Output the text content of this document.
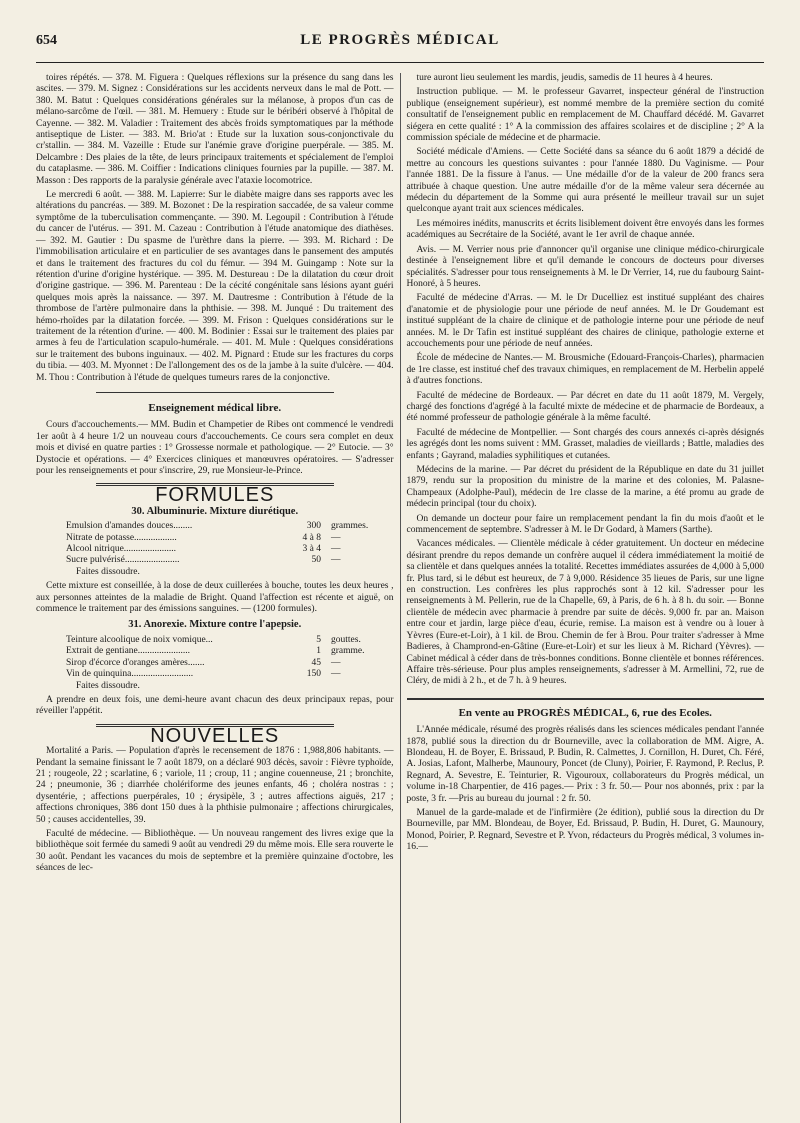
654	LE PROGRÈS MÉDICAL

toires répétés. — 378. M. Figuera : Quelques réflexions sur la présence du sang dans les ascites. — 379. M. Signez : Considérations sur les accidents nerveux dans le mal de Pott. — 380. M. Batut : Quelques considérations générales sur la mélanose, à propos d'un cas de mélano-sarcôme de l'œil. — 381. M. Hemuery : Etude sur le béribéri observé à l'hôpital de Cayenne. — 382. M. Valadier : Traitement des abcès froids symptomatiques par la méthode antiseptique de Lister. — 383. M. Brio'at : Etude sur la luxation sous-conjonctivale du cr'stallin. — 384. M. Vazeille : Etude sur l'anémie grave d'origine puerpérale. — 385. M. Delcambre : Des plaies de la tête, de leurs principaux traitements et spécialement de l'emploi du cataplasme. — 386. M. Coiffier : Indications cliniques fournies par la pupille. — 387. M. Masson : Des rapports de la paralysie générale avec l'ataxie locomotrice.

Le mercredi 6 août. — 388. M. Lapierre: Sur le diabète maigre dans ses rapports avec les altérations du pancréas. — 389. M. Bozonet : De la respiration saccadée, de sa valeur comme symptôme de la tuberculisation commençante. — 390. M. Legoupil : Contribution à l'étude du cancer de l'utérus. — 391. M. Cazeau : Contribution à l'étude anatomique des diathèses. — 392. M. Gautier : Du spasme de l'urèthre dans la pierre. — 393. M. Richard : De l'immobilisation articulaire et en particulier de ses avantages dans le pansement des amputés et dans le traitement des fractures du col du fémur. — 394 M. Guingamp : Note sur la rétention d'urine d'origine hystérique. — 395. M. Destureau : De la dilatation du cœur droit d'origine gastrique. — 396. M. Parenteau : De la cécité congénitale sans lésions ayant guéri quelques mois après la naissance. — 397. M. Dautresme : Contribution à l'étude de la thrombose de l'artère pulmonaire dans la phthisie. — 398. M. Junqué : Du traitement des hémo-rhoïdes par la dilatation forcée. — 399. M. Frison : Quelques considérations sur le traitement de la rétention d'urine. — 400. M. Bodinier : Essai sur le traitement des plaies par armes à feu de l'articulation scapulo-humérale. — 401. M. Mule : Quelques considérations sur le traitement des bubons inguinaux. — 402. M. Pignard : Etude sur les fractures du corps du tibia. — 403. M. Myonnet : De l'allongement des os de la jambe à la suite d'ulcère. — 404. M. Thou : Contribution à l'étude de quelques tumeurs rares de la conjonctive.

Enseignement médical libre.

Cours d'accouchements.— MM. Budin et Champetier de Ribes ont commencé le vendredi 1er août à 4 heure 1/2 un nouveau cours d'accouchements. Ce cours sera complet en deux mois et divisé en quatre parties : 1° Grossesse normale et pathologique. — 2° Eutocie. — 3° Dystocie et opérations. — 4° Exercices cliniques et manœuvres opératoires. — S'adresser pour les renseignements et pour s'inscrire, 29, rue Monsieur-le-Prince.

FORMULES
30. Albuminurie. Mixture diurétique.
Emulsion d'amandes douces........	300 grammes.
Nitrate de potasse..................	4 à 8 —
Alcool nitrique......................	3 à 4 —
Sucre pulvérisé.......................	50 —
Faites dissoudre.

Cette mixture est conseillée, à la dose de deux cuillerées à bouche, toutes les deux heures , aux personnes atteintes de la maladie de Bright. Quand l'affection est récente et aiguë, on commence le traitement par des émissions sanguines. — (1200 formules).

31. Anorexie. Mixture contre l'apepsie.
Teinture alcoolique de noix vomique...	5 gouttes.
Extrait de gentiane......................	1 gramme.
Sirop d'écorce d'oranges amères.......	45 —
Vin de quinquina..........................	150 —
Faites dissoudre.

A prendre en deux fois, une demi-heure avant chacun des deux principaux repas, pour réveiller l'appétit.

NOUVELLES

Mortalité a Paris. — Population d'après le recensement de 1876 : 1,988,806 habitants. — Pendant la semaine finissant le 7 août 1879, on a déclaré 903 décès, savoir : Fièvre typhoïde, 21 ; rougeole, 22 ; scarlatine, 6 ; variole, 11 ; croup, 11 ; angine couenneuse, 21 ; bronchite, 24 ; pneumonie, 36 ; diarrhée cholériforme des jeunes enfants, 46 ; choléra nostras : ; dysentérie, ; affections puerpérales, 10 ; érysipèle, 3 ; autres affections aiguës, 217 ; affections chroniques, 386 dont 150 dues à la phthisie pulmonaire ; affections chirurgicales, 50 ; causes accidentelles, 39.

Faculté de médecine. — Bibliothèque. — Un nouveau rangement des livres exige que la bibliothèque soit fermée du samedi 9 août au vendredi 29 du même mois. Elle sera rouverte le 30 août. Pendant les vacances du mois de septembre et la première quinzaine d'octobre, les séances de lec-

ture auront lieu seulement les mardis, jeudis, samedis de 11 heures à 4 heures.

Instruction publique. — M. le professeur Gavarret, inspecteur général de l'instruction publique (enseignement supérieur), est nommé membre de la première section du comité consultatif de l'enseignement public en remplacement de M. Chauffard décédé. M. Gavarret siégera en cette qualité : 1° A la commission des affaires scolaires et de discipline ; 2° A la commission spéciale de médecine et de pharmacie.

Société médicale d'Amiens. — Cette Société dans sa séance du 6 août 1879 a décidé de mettre au concours les questions suivantes : pour l'année 1880. Du Vaginisme. — Pour l'année 1881. De la fissure à l'anus. — Une médaille d'or de la valeur de 200 francs sera attribuée à chaque question. Une autre médaille d'or de la même valeur sera décernée au médecin du département de la Somme qui aura présenté le meilleur travail sur un sujet quelconque ayant trait aux sciences médicales.

Les mémoires inédits, manuscrits et écrits lisiblement doivent être envoyés dans les formes académiques au Secrétaire de la Société, avant le 1er avril de chaque année.

Avis. — M. Verrier nous prie d'annoncer qu'il organise une clinique médico-chirurgicale destinée à l'enseignement libre et qu'il demande le concours de docteurs pour diverses spécialités. S'adresser pour tous renseignements à M. le Dr Verrier, 14, rue du faubourg Saint-Honoré, à 5 heures.

Faculté de médecine d'Arras. — M. le Dr Ducelliez est institué suppléant des chaires d'anatomie et de physiologie pour une période de neuf années. M. le Dr Goudemant est institué suppléant de la chaire de clinique et de pathologie interne pour une période de neuf années. M. le Dr Tafin est institué suppléant des chaires de clinique, pathologie externe et accouchements pour une période de neuf années.

École de médecine de Nantes.— M. Brousmiche (Edouard-François-Charles), pharmacien de 1re classe, est institué chef des travaux chimiques, en remplacement de M. Herbelin appelé à d'autres fonctions.

Faculté de médecine de Bordeaux. — Par décret en date du 11 août 1879, M. Vergely, chargé des fonctions d'agrégé à la faculté mixte de médecine et de pharmacie de Bordeaux, a été nommé professeur de pathologie générale à la même faculté.

Faculté de médecine de Montpellier. — Sont chargés des cours annexés ci-après désignés les agrégés dont les noms suivent : MM. Grasset, maladies de vieillards ; Battle, maladies des enfants ; Gayrand, maladies syphilitiques et cutanées.

Médecins de la marine. — Par décret du président de la République en date du 31 juillet 1879, rendu sur la proposition du ministre de la marine et des colonies, M. Palasne-Champeaux (Adolphe-Paul), médecin de 1re classe de la marine, a été promu au grade de médecin principal (tour du choix).

On demande un docteur pour faire un remplacement pendant la fin du mois d'août et le commencement de septembre. S'adresser à M. le Dr Godard, à Mamers (Sarthe).

Vacances médicales. — Clientèle médicale à céder gratuitement. Un docteur en médecine désirant prendre du repos demande un confrère auquel il cédera immédiatement la moitié de sa clientèle et dans quelques années la totalité. Recettes immédiates assurées de 4,000 à 5,000 fr. Plus tard, si le début est heureux, de 7 à 9,000. Résidence 35 lieues de Paris, sur une ligne en construction. Les confrères les plus rapprochés sont à 12 kil. S'adresser pour les renseignements à M. Pellerin, rue de la Chapelle, 69, à Paris, de 6 h. à 8 h. du soir. — Bonne clientèle de médecin avec pharmacie à prendre par suite de décès. 9,000 fr. par an. Maison entre cour et jardin, large pièce d'eau, écurie, remise. La maison est à vendre ou à louer à Yèvres (Eure-et-Loir), à 1 kil. de Brou. Chemin de fer à Brou. Pour traiter s'adresser à Mme Badieres, à Champrond-en-Gâtine (Eure-et-Loir) et sur les lieux à M. Richard (Yèvres). — Cabinet médical à céder dans de très-bonnes conditions. Bonne clientèle et bonnes références. Affaire très-sérieuse. Pour plus amples renseignements, s'adresser à M. Armellini, 72, rue de Cléry, de midi à 2 h., et de 7 h. à 9 heures.

En vente au PROGRÈS MÉDICAL, 6, rue des Ecoles.

L'Année médicale, résumé des progrès réalisés dans les sciences médicales pendant l'année 1878, publié sous la direction du dr Bourneville, avec la collaboration de MM. Aigre, A. Blondeau, H. de Boyer, E. Brissaud, P. Budin, R. Calmettes, J. Cornillon, H. Duret, Ch. Féré, A. Josias, Lafont, Malherbe, Maunoury, Poncet (de Cluny), Poirier, F. Raymond, P. Reclus, P. Regnard, A. Sevestre, E. Teinturier, R. Vigouroux, collaborateurs du Progrès médical, un volume in-18 Charpentier, de 416 pages.— Prix : 3 fr. 50.— Pour nos abonnés, prix : par la poste, 3 fr. —Pris au bureau du journal : 2 fr. 50.

Manuel de la garde-malade et de l'infirmière (2e édition), publié sous la direction du Dr Bourneville, par MM. Blondeau, de Boyer, Ed. Brissaud, P. Budin, H. Duret, G. Maunoury, Monod, Poirier, P. Regnard, Sevestre et P. Yvon, rédacteurs du Progrès médical, 3 volumes in-16.—
